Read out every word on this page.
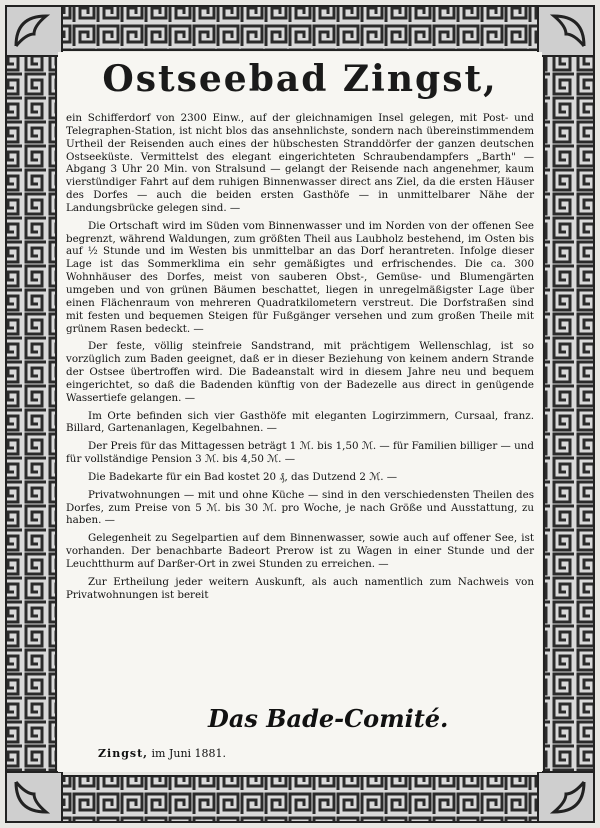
Ostseebad Zingst,

ein Schifferdorf von 2300 Einw., auf der gleichnamigen Insel gelegen, mit Post- und Telegraphen-Station, ist nicht blos das ansehnlichste, sondern nach übereinstimmendem Urtheil der Reisenden auch eines der hübschesten Stranddörfer der ganzen deutschen Ostseeküste. Vermittelst des elegant eingerichteten Schraubendampfers „Barth" — Abgang 3 Uhr 20 Min. von Stralsund — gelangt der Reisende nach angenehmer, kaum vierstündiger Fahrt auf dem ruhigen Binnenwasser direct ans Ziel, da die ersten Häuser des Dorfes — auch die beiden ersten Gasthöfe — in unmittelbarer Nähe der Landungsbrücke gelegen sind. —

Die Ortschaft wird im Süden vom Binnenwasser und im Norden von der offenen See begrenzt, während Waldungen, zum größten Theil aus Laubholz bestehend, im Osten bis auf ½ Stunde und im Westen bis unmittelbar an das Dorf herantreten. Infolge dieser Lage ist das Sommerklima ein sehr gemäßigtes und erfrischendes. Die ca. 300 Wohnhäuser des Dorfes, meist von sauberen Obst-, Gemüse- und Blumengärten umgeben und von grünen Bäumen beschattet, liegen in unregelmäßigster Lage über einen Flächenraum von mehreren Quadratkilometern verstreut. Die Dorfstraßen sind mit festen und bequemen Steigen für Fußgänger versehen und zum großen Theile mit grünem Rasen bedeckt. —

Der feste, völlig steinfreie Sandstrand, mit prächtigem Wellenschlag, ist so vorzüglich zum Baden geeignet, daß er in dieser Beziehung von keinem andern Strande der Ostsee übertroffen wird. Die Badeanstalt wird in diesem Jahre neu und bequem eingerichtet, so daß die Badenden künftig von der Badezelle aus direct in genügende Wassertiefe gelangen. —

Im Orte befinden sich vier Gasthöfe mit eleganten Logirzimmern, Cursaal, franz. Billard, Gartenanlagen, Kegelbahnen. —

Der Preis für das Mittagessen beträgt 1 ℳ. bis 1,50 ℳ. — für Familien billiger — und für vollständige Pension 3 ℳ. bis 4,50 ℳ. —

Die Badekarte für ein Bad kostet 20 ₰, das Dutzend 2 ℳ. —

Privatwohnungen — mit und ohne Küche — sind in den verschiedensten Theilen des Dorfes, zum Preise von 5 ℳ. bis 30 ℳ. pro Woche, je nach Größe und Ausstattung, zu haben. —

Gelegenheit zu Segelpartien auf dem Binnenwasser, sowie auch auf offener See, ist vorhanden. Der benachbarte Badeort Prerow ist zu Wagen in einer Stunde und der Leuchtthurm auf Darßer-Ort in zwei Stunden zu erreichen. —

Zur Ertheilung jeder weitern Auskunft, als auch namentlich zum Nachweis von Privatwohnungen ist bereit

Das Bade-Comité.
Zingst, im Juni 1881.
